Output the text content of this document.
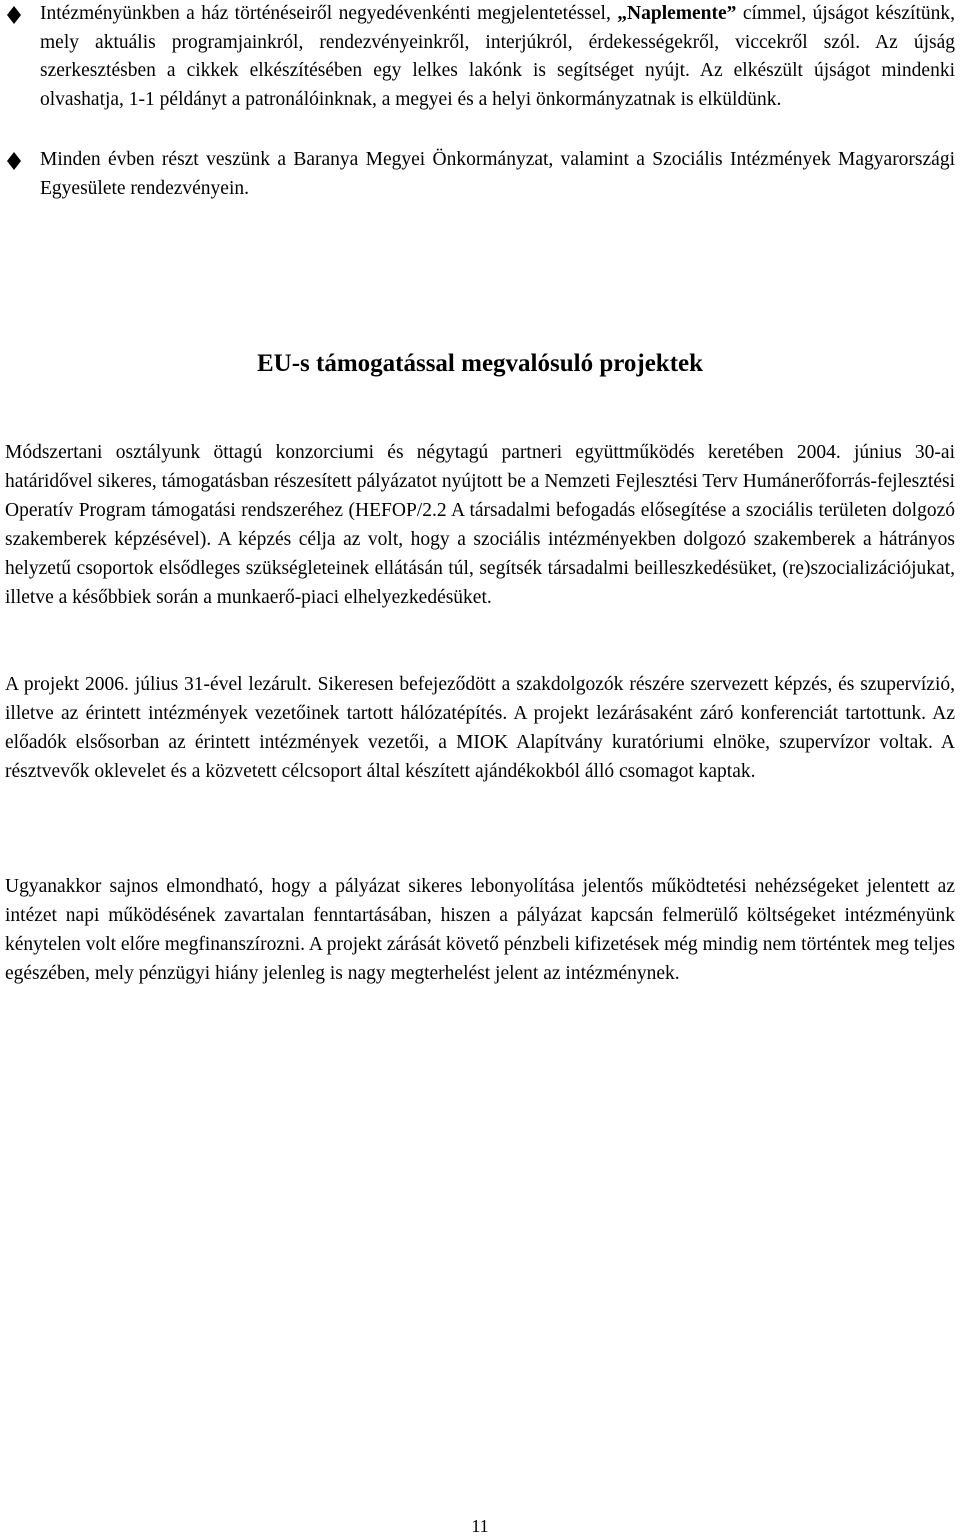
Intézményünkben a ház történéseiről negyedévenkénti megjelentetéssel, „Naplemente” címmel, újságot készítünk, mely aktuális programjainkról, rendezvényeinkről, interjúkról, érdekességekről, viccekről szól. Az újság szerkesztésben a cikkek elkészítésében egy lelkes lakónk is segítséget nyújt. Az elkészült újságot mindenki olvashatja, 1-1 példányt a patronálóinknak, a megyei és a helyi önkormányzatnak is elküldünk.

Minden évben részt veszünk a Baranya Megyei Önkormányzat, valamint a Szociális Intézmények Magyarországi Egyesülete rendezvényein.

EU-s támogatással megvalósuló projektek

Módszertani osztályunk öttagú konzorciumi és négytagú partneri együttműködés keretében 2004. június 30-ai határidővel sikeres, támogatásban részesített pályázatot nyújtott be a Nemzeti Fejlesztési Terv Humánerőforrás-fejlesztési Operatív Program támogatási rendszeréhez (HEFOP/2.2 A társadalmi befogadás elősegítése a szociális területen dolgozó szakemberek képzésével). A képzés célja az volt, hogy a szociális intézményekben dolgozó szakemberek a hátrányos helyzetű csoportok elsődleges szükségleteinek ellátásán túl, segítsék társadalmi beilleszkedésüket, (re)szocializációjukat, illetve a későbbiek során a munkaerő-piaci elhelyezkedésüket.

A projekt 2006. július 31-ével lezárult. Sikeresen befejeződött a szakdolgozók részére szervezett képzés, és szupervízió, illetve az érintett intézmények vezetőinek tartott hálózatépítés. A projekt lezárásaként záró konferenciát tartottunk. Az előadók elsősorban az érintett intézmények vezetői, a MIOK Alapítvány kuratóriumi elnöke, szupervízor voltak. A résztvevők oklevelet és a közvetett célcsoport által készített ajándékokból álló csomagot kaptak.

Ugyanakkor sajnos elmondható, hogy a pályázat sikeres lebonyolítása jelentős működtetési nehézségeket jelentett az intézet napi működésének zavartalan fenntartásában, hiszen a pályázat kapcsán felmerülő költségeket intézményünk kénytelen volt előre megfinanszírozni. A projekt zárását követő pénzbeli kifizetések még mindig nem történtek meg teljes egészében, mely pénzügyi hiány jelenleg is nagy megterhelést jelent az intézménynek.

11
